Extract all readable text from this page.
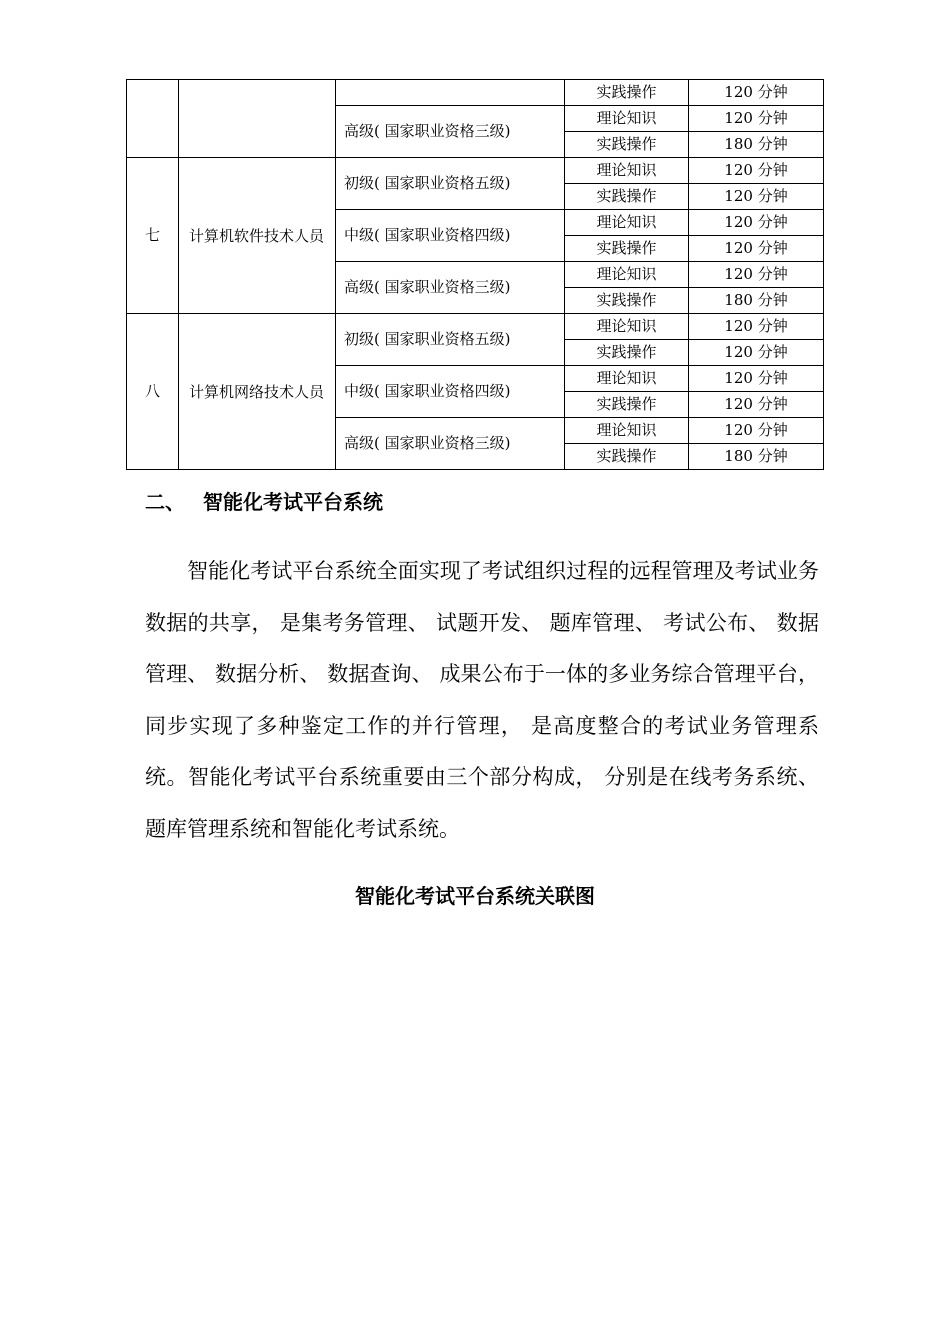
			实践操作	120 分钟
		高级( 国家职业资格三级)	理论知识	120 分钟
			实践操作	180 分钟
七	计算机软件技术人员	初级( 国家职业资格五级)	理论知识	120 分钟
			实践操作	120 分钟
		中级( 国家职业资格四级)	理论知识	120 分钟
			实践操作	120 分钟
		高级( 国家职业资格三级)	理论知识	120 分钟
			实践操作	180 分钟
八	计算机网络技术人员	初级( 国家职业资格五级)	理论知识	120 分钟
			实践操作	120 分钟
		中级( 国家职业资格四级)	理论知识	120 分钟
			实践操作	120 分钟
		高级( 国家职业资格三级)	理论知识	120 分钟
			实践操作	180 分钟
二、 智能化考试平台系统

智能化考试平台系统全面实现了考试组织过程的远程管理及考试业务数据的共享， 是集考务管理、 试题开发、 题库管理、 考试公布、 数据管理、 数据分析、 数据查询、 成果公布于一体的多业务综合管理平台， 同步实现了多种鉴定工作的并行管理， 是高度整合的考试业务管理系统。智能化考试平台系统重要由三个部分构成， 分别是在线考务系统、 题库管理系统和智能化考试系统。

智能化考试平台系统关联图
